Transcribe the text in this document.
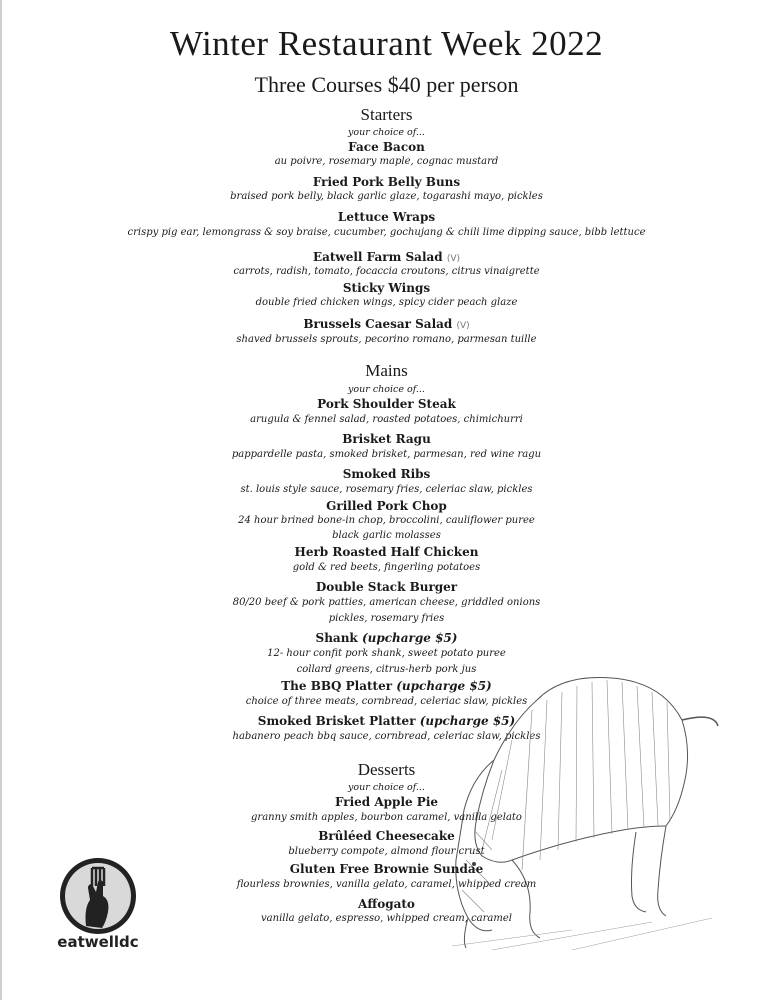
Winter Restaurant Week 2022
Three Courses $40 per person
Starters
your choice of...
Face Bacon
au poivre, rosemary maple, cognac mustard
Fried Pork Belly Buns
braised pork belly, black garlic glaze, togarashi mayo, pickles
Lettuce Wraps
crispy pig ear, lemongrass & soy braise, cucumber, gochujang & chili lime dipping sauce, bibb lettuce
Eatwell Farm Salad (V)
carrots, radish, tomato, focaccia croutons, citrus vinaigrette
Sticky Wings
double fried chicken wings, spicy cider peach glaze
Brussels Caesar Salad (V)
shaved brussels sprouts, pecorino romano, parmesan tuille
Mains
your choice of...
Pork Shoulder Steak
arugula & fennel salad, roasted potatoes, chimichurri
Brisket Ragu
pappardelle pasta, smoked brisket, parmesan, red wine ragu
Smoked Ribs
st. louis style sauce, rosemary fries, celeriac slaw, pickles
Grilled Pork Chop
24 hour brined bone-in chop, broccolini, cauliflower puree
black garlic molasses
Herb Roasted Half Chicken
gold & red beets, fingerling potatoes
Double Stack Burger
80/20 beef & pork patties, american cheese, griddled onions
pickles, rosemary fries
Shank (upcharge $5)
12- hour confit pork shank, sweet potato puree
collard greens, citrus-herb pork jus
The BBQ Platter (upcharge $5)
choice of three meats, cornbread, celeriac slaw, pickles
Smoked Brisket Platter (upcharge $5)
habanero peach bbq sauce, cornbread, celeriac slaw, pickles
Desserts
your choice of...
Fried Apple Pie
granny smith apples, bourbon caramel, vanilla gelato
Brûléed Cheesecake
blueberry compote, almond flour crust
Gluten Free Brownie Sundae
flourless brownies, vanilla gelato, caramel, whipped cream
Affogato
vanilla gelato, espresso, whipped cream, caramel
eatwelldc
